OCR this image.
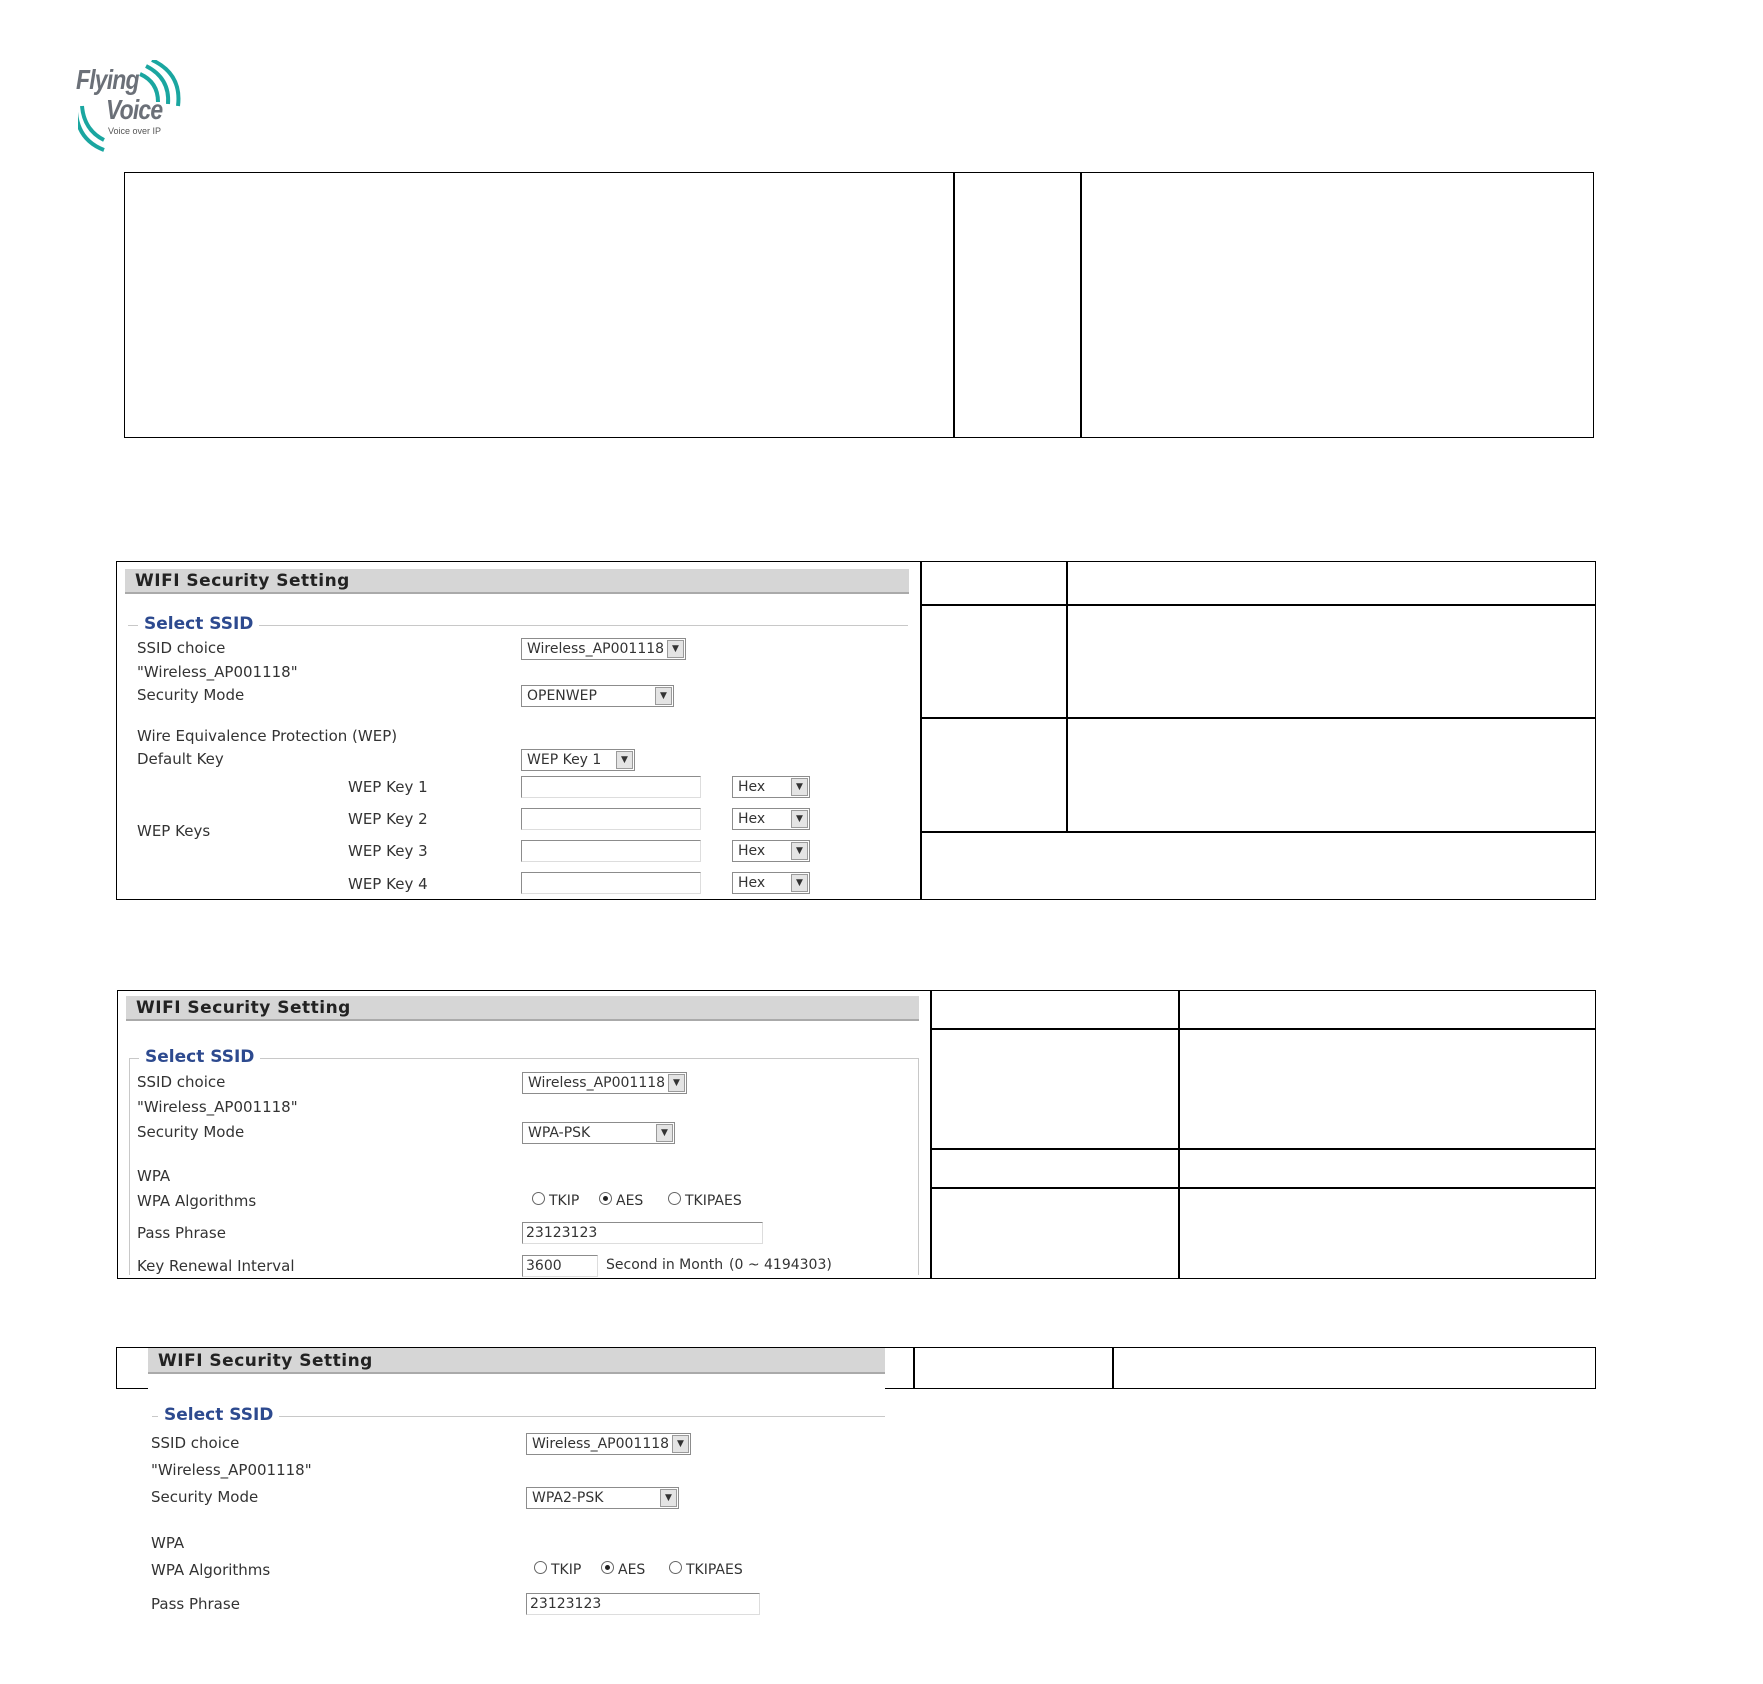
Flying
Voice
Voice over IP
WIFI Security Setting
Select SSID
SSID choice	Wireless_AP001118 ▼
"Wireless_AP001118"
Security Mode	OPENWEP	▼
Wire Equivalence Protection (WEP)
Default Key	WEP Key 1	▼
WEP Keys
WEP Key 1	Hex	▼
WEP Key 2	Hex	▼
WEP Key 3	Hex	▼
WEP Key 4	Hex	▼
WIFI Security Setting
Select SSID
SSID choice	Wireless_AP001118 ▼
"Wireless_AP001118"
Security Mode	WPA-PSK	▼
WPA
WPA Algorithms	TKIP	AES	TKIPAES
Pass Phrase	23123123
Key Renewal Interval	3600	Second in Month (0 ~ 4194303)
WIFI Security Setting
Select SSID
SSID choice	Wireless_AP001118 ▼
"Wireless_AP001118"
Security Mode	WPA2-PSK	▼
WPA
WPA Algorithms	TKIP	AES	TKIPAES
Pass Phrase	23123123
